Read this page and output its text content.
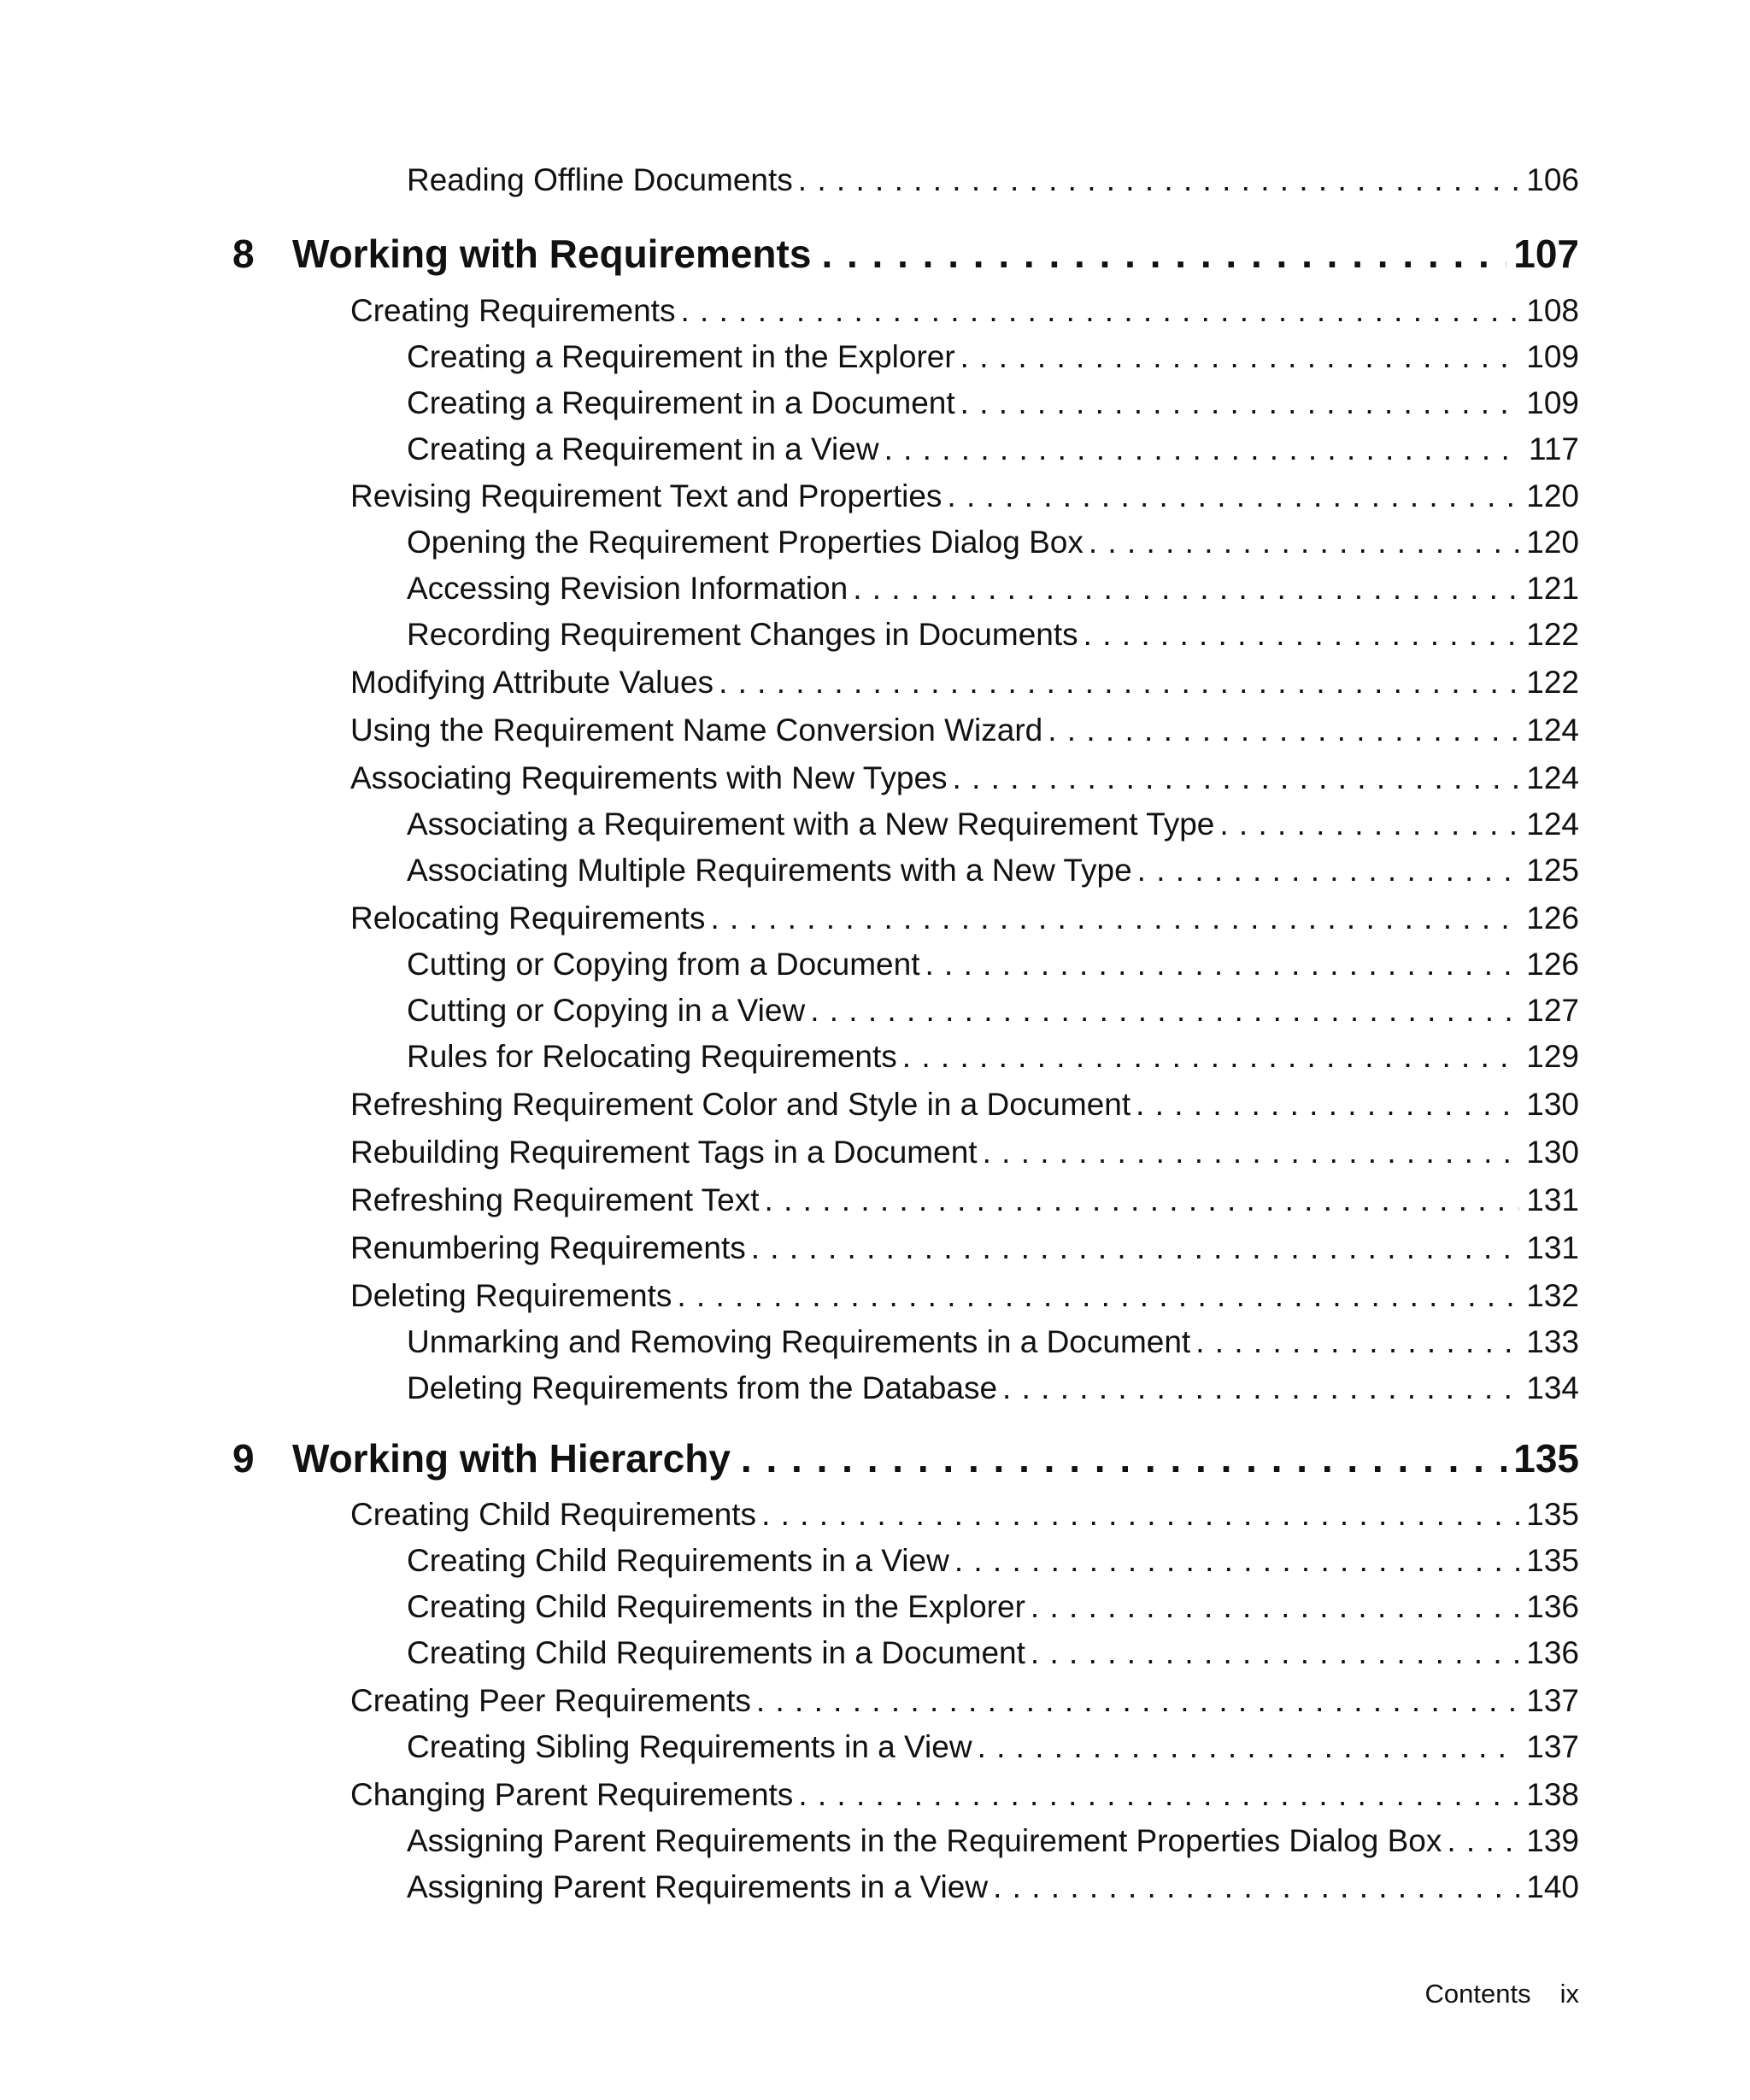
Reading Offline Documents . . .	106
8 Working with Requirements . . .	107
Creating Requirements . . .	108
Creating a Requirement in the Explorer . . .	109
Creating a Requirement in a Document . . .	109
Creating a Requirement in a View . . .	117
Revising Requirement Text and Properties . . .	120
Opening the Requirement Properties Dialog Box . . .	120
Accessing Revision Information . . .	121
Recording Requirement Changes in Documents . . .	122
Modifying Attribute Values . . .	122
Using the Requirement Name Conversion Wizard . . .	124
Associating Requirements with New Types . . .	124
Associating a Requirement with a New Requirement Type . . .	124
Associating Multiple Requirements with a New Type . . .	125
Relocating Requirements . . .	126
Cutting or Copying from a Document . . .	126
Cutting or Copying in a View . . .	127
Rules for Relocating Requirements . . .	129
Refreshing Requirement Color and Style in a Document . . .	130
Rebuilding Requirement Tags in a Document . . .	130
Refreshing Requirement Text . . .	131
Renumbering Requirements . . .	131
Deleting Requirements . . .	132
Unmarking and Removing Requirements in a Document . . .	133
Deleting Requirements from the Database . . .	134
9 Working with Hierarchy . . .	135
Creating Child Requirements . . .	135
Creating Child Requirements in a View . . .	135
Creating Child Requirements in the Explorer . . .	136
Creating Child Requirements in a Document . . .	136
Creating Peer Requirements . . .	137
Creating Sibling Requirements in a View . . .	137
Changing Parent Requirements . . .	138
Assigning Parent Requirements in the Requirement Properties Dialog Box . . .	139
Assigning Parent Requirements in a View . . .	140
Contents ix
